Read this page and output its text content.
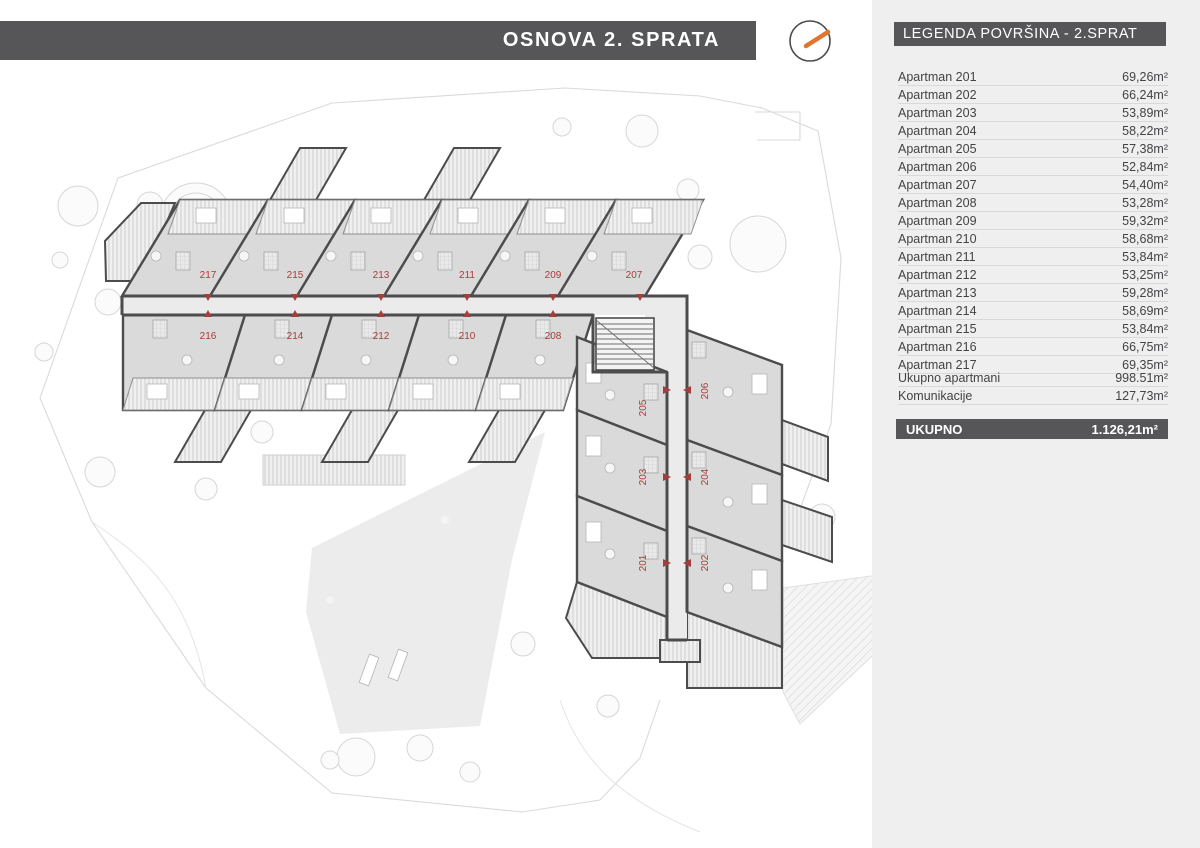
217	215	213	211	209	207
216	214	212	210	208
205
203
201
206
204
202
OSNOVA 2. SPRATA	LEGENDA POVRŠINA - 2.SPRAT
Apartman 201	69,26m²
Apartman 202	66,24m²
Apartman 203	53,89m²
Apartman 204	58,22m²
Apartman 205	57,38m²
Apartman 206	52,84m²
Apartman 207	54,40m²
Apartman 208	53,28m²
Apartman 209	59,32m²
Apartman 210	58,68m²
Apartman 211	53,84m²
Apartman 212	53,25m²
Apartman 213	59,28m²
Apartman 214	58,69m²
Apartman 215	53,84m²
Apartman 216	66,75m²
Apartman 217	69,35m²
Ukupno apartmani	998.51m²
Komunikacije	127,73m²
UKUPNO	1.126,21m²
